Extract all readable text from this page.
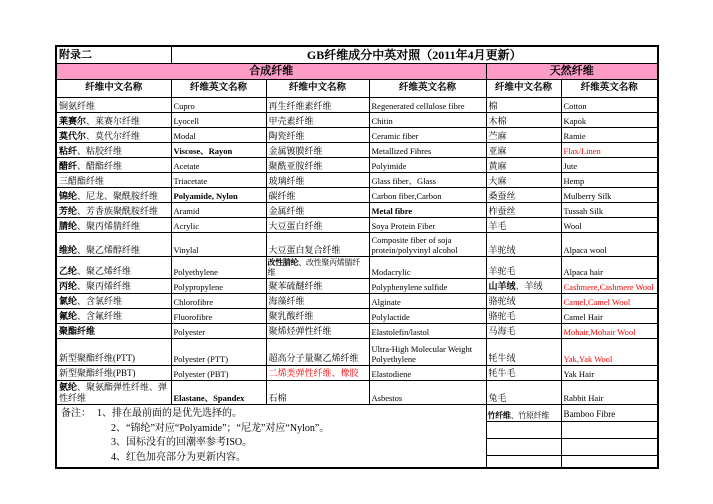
附录二	GB纤维成分中英对照（2011年4月更新）				
合成纤维				天然纤维	
纤维中文名称	纤维英文名称	纤维中文名称	纤维英文名称	纤维中文名称	纤维英文名称
铜氨纤维	Cupro	再生纤维素纤维	Regenerated cellulose fibre	棉	Cotton
莱赛尔、莱赛尔纤维	Lyocell	甲壳素纤维	Chitin	木棉	Kapok
莫代尔、莫代尔纤维	Modal	陶瓷纤维	Ceramic fiber	苎麻	Ramie
粘纤、粘胶纤维	Viscose、Rayon	金属镀膜纤维	Metallized Fibres	亚麻	Flax/Linen
醋纤、醋酯纤维	Acetate	聚酰亚胺纤维	Polyimide	黄麻	Jute
三醋酯纤维	Triacetate	玻璃纤维	Glass fiber、Glass	大麻	Hemp
锦纶、尼龙、聚酰胺纤维	Polyamide, Nylon	碳纤维	Carbon fiber,Carbon	桑蚕丝	Mulberry Silk
芳纶、芳香族聚酰胺纤维	Aramid	金属纤维	Metal fibre	柞蚕丝	Tussah Silk
腈纶、聚丙烯腈纤维	Acrylic	大豆蛋白纤维	Soya Protein Fiber	羊毛	Wool
维纶、聚乙烯醇纤维	Vinylal	大豆蛋白复合纤维	Composite fiber of soja protein/polyvinyl alcohol	羊驼绒	Alpaca wool
乙纶、聚乙烯纤维	Polyethylene	改性腈纶、改性聚丙烯腈纤维	Modacrylic	羊驼毛	Alpaca hair
丙纶、聚丙烯纤维	Polypropylene	聚苯硫醚纤维	Polyphenylene sulfide	山羊绒、羊绒	Cashmere,Cashmere Wool
氯纶、含氯纤维	Chlorofibre	海藻纤维	Alginate	骆驼绒	Camel,Camel Wool
氟纶、含氟纤维	Fluorofibre	聚乳酸纤维	Polylactide	骆驼毛	Camel Hair
聚酯纤维	Polyester	聚烯烃弹性纤维	Elastolefin/lastol	马海毛	Mohair,Mohair Wool
新型聚酯纤维(PTT)	Polyester (PTT)	超高分子量聚乙烯纤维	Ultra-High Molecular Weight Polyethylene	牦牛绒	Yak,Yak Wool
新型聚酯纤维(PBT)	Polyester (PBT)	二烯类弹性纤维、橡胶	Elastodiene	牦牛毛	Yak Hair
氨纶、聚氨酯弹性纤维、弹性纤维	Elastane、Spandex	石棉	Asbestos	兔毛	Rabbit Hair

备注： 1、排在最前面的是优先选择的。
2、“锦纶”对应“Polyamide”；“尼龙”对应“Nylon”。
3、国标没有的回潮率参考ISO。
4、红色加亮部分为更新内容。				竹纤维、竹原纤维	Bamboo Fibre
